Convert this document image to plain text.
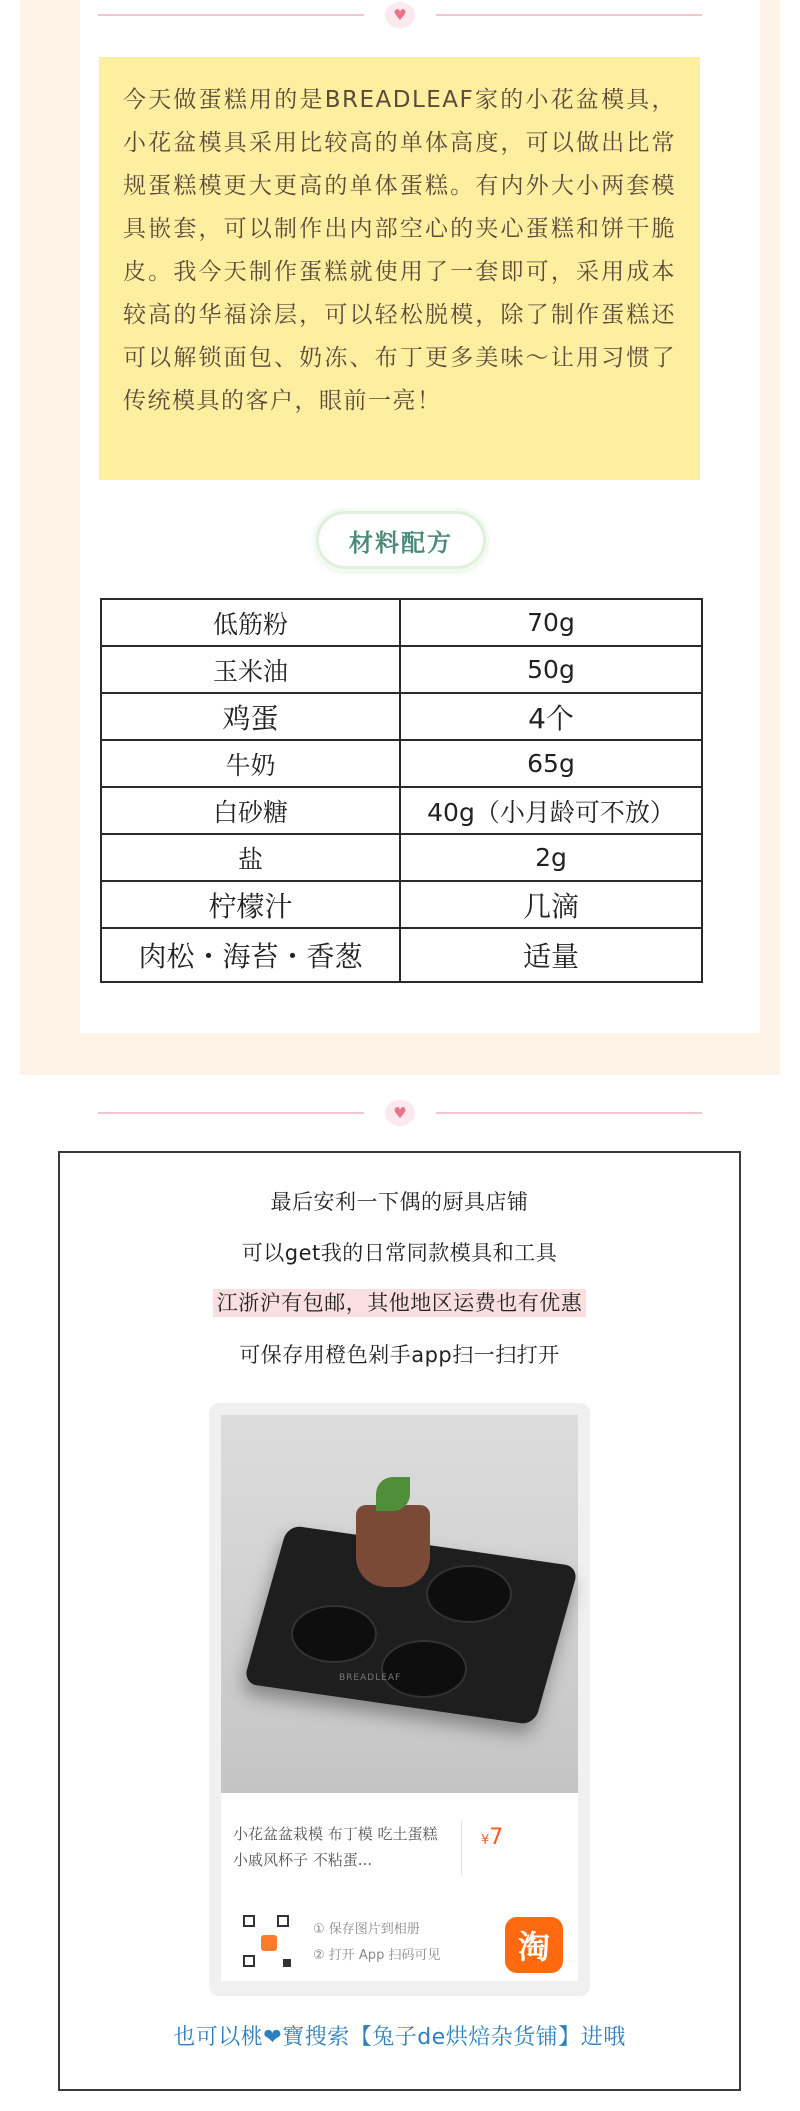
♥
今天做蛋糕用的是BREADLEAF家的小花盆模具，小花盆模具采用比较高的单体高度，可以做出比常规蛋糕模更大更高的单体蛋糕。有内外大小两套模具嵌套，可以制作出内部空心的夹心蛋糕和饼干脆皮。我今天制作蛋糕就使用了一套即可，采用成本较高的华福涂层，可以轻松脱模，除了制作蛋糕还可以解锁面包、奶冻、布丁更多美味～让用习惯了传统模具的客户，眼前一亮！
材料配方
低筋粉	70g
玉米油	50g
鸡蛋	4个
牛奶	65g
白砂糖	40g（小月龄可不放）
盐	2g
柠檬汁	几滴
肉松・海苔・香葱	适量
♥
最后安利一下偶的厨具店铺
可以get我的日常同款模具和工具
江浙沪有包邮，其他地区运费也有优惠
可保存用橙色剁手app扫一扫打开
BREADLEAF
小花盆盆栽模 布丁模 吃土蛋糕小戚风杯子 不粘蛋...
¥7
① 保存图片到相册
② 打开 App 扫码可见	淘
也可以桃❤寶搜索【兔子de烘焙杂货铺】进哦
